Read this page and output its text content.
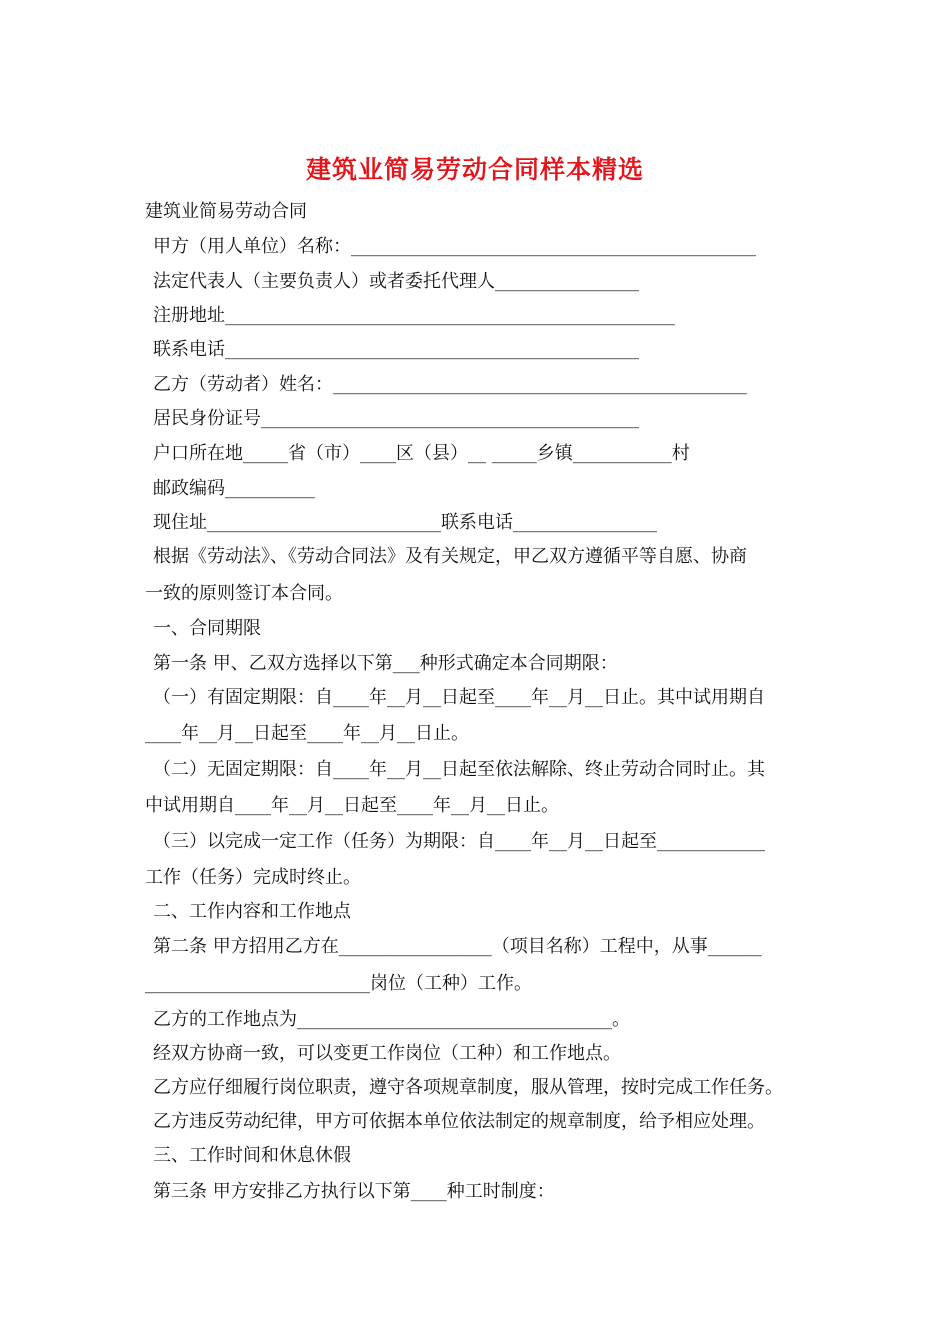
建筑业简易劳动合同样本精选
建筑业简易劳动合同
甲方（用人单位）名称：_____________________________________________
法定代表人（主要负责人）或者委托代理人________________
注册地址__________________________________________________
联系电话______________________________________________
乙方（劳动者）姓名：______________________________________________
居民身份证号__________________________________________
户口所在地_____省（市）____区（县）__ _____乡镇___________村
邮政编码__________
现住址__________________________联系电话________________
根据《劳动法》、《劳动合同法》及有关规定，甲乙双方遵循平等自愿、协商
一致的原则签订本合同。
一、合同期限
第一条 甲、乙双方选择以下第___种形式确定本合同期限：
（一）有固定期限：自____年__月__日起至____年__月__日止。其中试用期自
____年__月__日起至____年__月__日止。
（二）无固定期限：自____年__月__日起至依法解除、终止劳动合同时止。其
中试用期自____年__月__日起至____年__月__日止。
（三）以完成一定工作（任务）为期限：自____年__月__日起至____________
工作（任务）完成时终止。
二、工作内容和工作地点
第二条 甲方招用乙方在_________________（项目名称）工程中，从事______
_________________________岗位（工种）工作。
乙方的工作地点为___________________________________。
经双方协商一致，可以变更工作岗位（工种）和工作地点。
乙方应仔细履行岗位职责，遵守各项规章制度，服从管理，按时完成工作任务。
乙方违反劳动纪律，甲方可依据本单位依法制定的规章制度，给予相应处理。
三、工作时间和休息休假
第三条 甲方安排乙方执行以下第____种工时制度：
